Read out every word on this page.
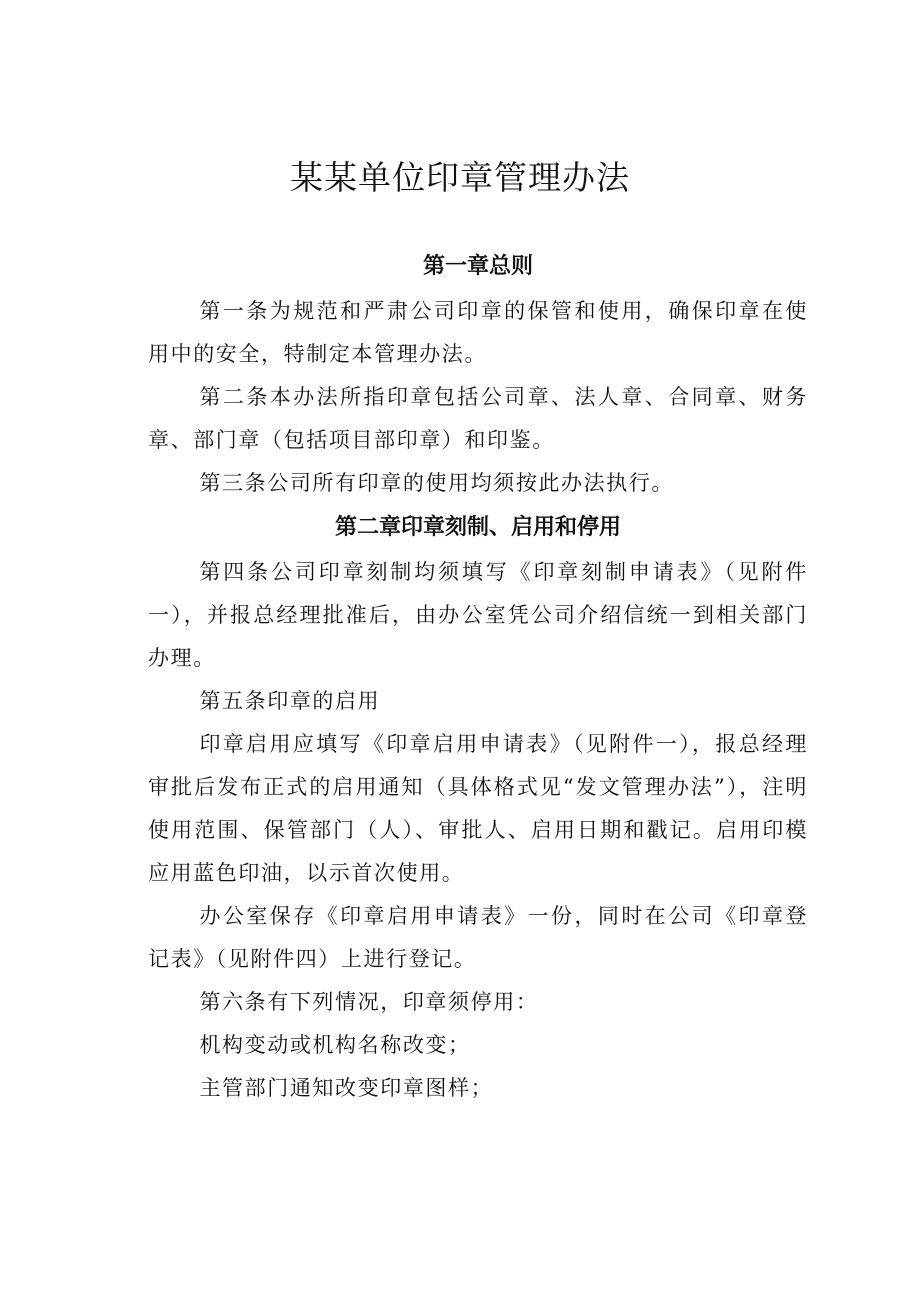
某某单位印章管理办法
第一章总则

第一条为规范和严肃公司印章的保管和使用，确保印章在使用中的安全，特制定本管理办法。

第二条本办法所指印章包括公司章、法人章、合同章、财务章、部门章（包括项目部印章）和印鉴。

第三条公司所有印章的使用均须按此办法执行。

第二章印章刻制、启用和停用

第四条公司印章刻制均须填写《印章刻制申请表》（见附件一），并报总经理批准后，由办公室凭公司介绍信统一到相关部门办理。

第五条印章的启用

印章启用应填写《印章启用申请表》（见附件一），报总经理审批后发布正式的启用通知（具体格式见“发文管理办法”），注明使用范围、保管部门（人）、审批人、启用日期和戳记。启用印模应用蓝色印油，以示首次使用。

办公室保存《印章启用申请表》一份，同时在公司《印章登记表》（见附件四）上进行登记。

第六条有下列情况，印章须停用：

机构变动或机构名称改变；

主管部门通知改变印章图样；
